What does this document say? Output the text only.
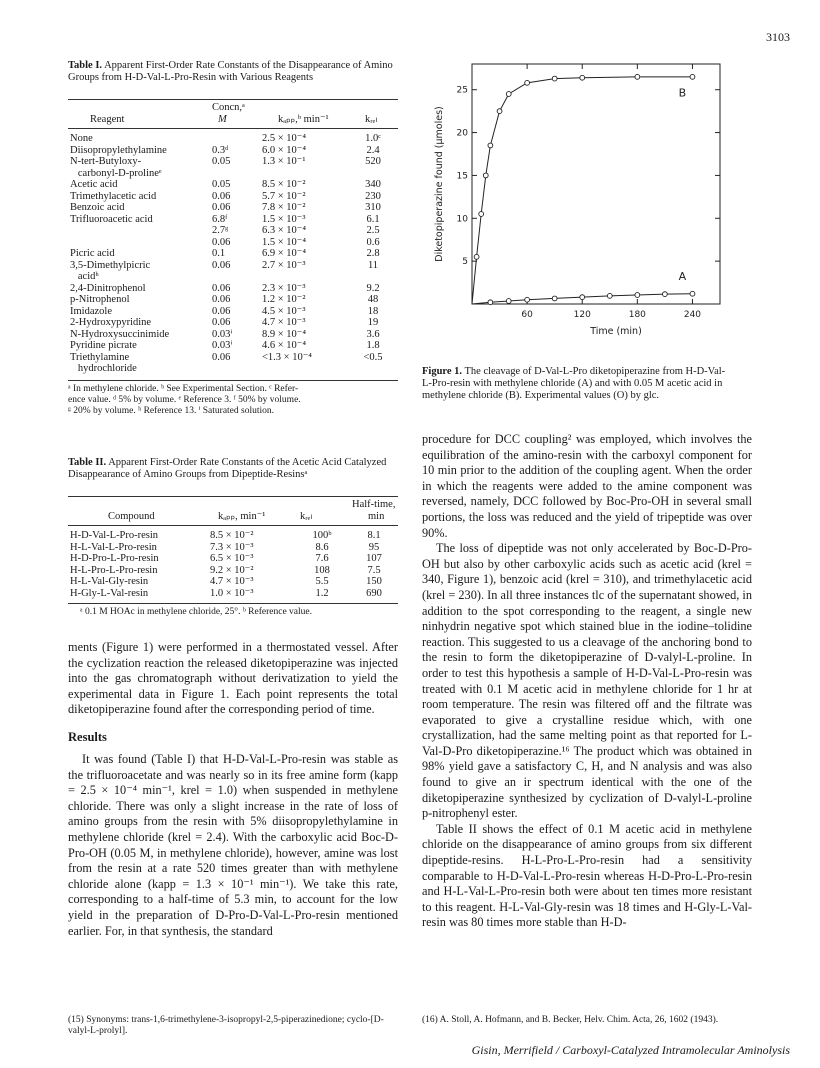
3103
Table I. Apparent First-Order Rate Constants of the Disappearance of Amino Groups from H-D-Val-L-Pro-Resin with Various Reagents
Concn,ᵃ
Reagent	M	kₐₚₚ,ᵇ min⁻¹	kᵣₑₗ
None		2.5 × 10⁻⁴	1.0ᶜ
Diisopropylethylamine	0.3ᵈ	6.0 × 10⁻⁴	2.4
N-tert-Butyloxy-	0.05	1.3 × 10⁻¹	520
carbonyl-D-prolineᵉ			
Acetic acid	0.05	8.5 × 10⁻²	340
Trimethylacetic acid	0.06	5.7 × 10⁻²	230
Benzoic acid	0.06	7.8 × 10⁻²	310
Trifluoroacetic acid	6.8ᶠ	1.5 × 10⁻³	6.1
	2.7ᵍ	6.3 × 10⁻⁴	2.5
	0.06	1.5 × 10⁻⁴	0.6
Picric acid	0.1	6.9 × 10⁻⁴	2.8
3,5-Dimethylpicric	0.06	2.7 × 10⁻³	11
acidʰ			
2,4-Dinitrophenol	0.06	2.3 × 10⁻³	9.2
p-Nitrophenol	0.06	1.2 × 10⁻²	48
Imidazole	0.06	4.5 × 10⁻³	18
2-Hydroxypyridine	0.06	4.7 × 10⁻³	19
N-Hydroxysuccinimide	0.03ⁱ	8.9 × 10⁻⁴	3.6
Pyridine picrate	0.03ⁱ	4.6 × 10⁻⁴	1.8
Triethylamine	0.06	<1.3 × 10⁻⁴	<0.5
hydrochloride			
ᵃ In methylene chloride. ᵇ See Experimental Section. ᶜ Refer-
ence value. ᵈ 5% by volume. ᵉ Reference 3. ᶠ 50% by volume.
ᵍ 20% by volume. ʰ Reference 13. ⁱ Saturated solution.
Table II. Apparent First-Order Rate Constants of the Acetic Acid Catalyzed Disappearance of Amino Groups from Dipeptide-Resinsᵃ
Half-time,
Compound	kₐₚₚ, min⁻¹	kᵣₑₗ	min
H-D-Val-L-Pro-resin	8.5 × 10⁻²	100ᵇ	8.1
H-L-Val-L-Pro-resin	7.3 × 10⁻³	8.6	95
H-D-Pro-L-Pro-resin	6.5 × 10⁻³	7.6	107
H-L-Pro-L-Pro-resin	9.2 × 10⁻²	108	7.5
H-L-Val-Gly-resin	4.7 × 10⁻³	5.5	150
H-Gly-L-Val-resin	1.0 × 10⁻³	1.2	690
ᵃ 0.1 M HOAc in methylene chloride, 25°. ᵇ Reference value.

ments (Figure 1) were performed in a thermostated vessel. After the cyclization reaction the released diketopiperazine was injected into the gas chromatograph without derivatization to yield the experimental data in Figure 1. Each point represents the total diketopiperazine found after the corresponding period of time.

Results

It was found (Table I) that H-D-Val-L-Pro-resin was stable as the trifluoroacetate and was nearly so in its free amine form (kapp = 2.5 × 10⁻⁴ min⁻¹, krel = 1.0) when suspended in methylene chloride. There was only a slight increase in the rate of loss of amino groups from the resin with 5% diisopropylethylamine in methylene chloride (krel = 2.4). With the carboxylic acid Boc-D-Pro-OH (0.05 M, in methylene chloride), however, amine was lost from the resin at a rate 520 times greater than with methylene chloride alone (kapp = 1.3 × 10⁻¹ min⁻¹). We take this rate, corresponding to a half-time of 5.3 min, to account for the low yield in the preparation of D-Pro-D-Val-L-Pro-resin mentioned earlier. For, in that synthesis, the standard

(15) Synonyms: trans-1,6-trimethylene-3-isopropyl-2,5-piperazinedione; cyclo-[D-valyl-L-prolyl].
60	120	180	240
5
10
15
20
25
Time (min)
Diketopiperazine found (µmoles)
A
B
Figure 1. The cleavage of D-Val-L-Pro diketopiperazine from H-D-Val-L-Pro-resin with methylene chloride (A) and with 0.05 M acetic acid in methylene chloride (B). Experimental values (O) by glc.

procedure for DCC coupling² was employed, which involves the equilibration of the amino-resin with the carboxyl component for 10 min prior to the addition of the coupling agent. When the order in which the reagents were added to the amine component was reversed, namely, DCC followed by Boc-Pro-OH in several small portions, the loss was reduced and the yield of tripeptide was over 90%.

The loss of dipeptide was not only accelerated by Boc-D-Pro-OH but also by other carboxylic acids such as acetic acid (krel = 340, Figure 1), benzoic acid (krel = 310), and trimethylacetic acid (krel = 230). In all three instances tlc of the supernatant showed, in addition to the spot corresponding to the reagent, a single new ninhydrin negative spot which stained blue in the iodine–tolidine reaction. This suggested to us a cleavage of the anchoring bond to the resin to form the diketopiperazine of D-valyl-L-proline. In order to test this hypothesis a sample of H-D-Val-L-Pro-resin was treated with 0.1 M acetic acid in methylene chloride for 1 hr at room temperature. The resin was filtered off and the filtrate was evaporated to give a crystalline residue which, with one crystallization, had the same melting point as that reported for L-Val-D-Pro diketopiperazine.¹⁶ The product which was obtained in 98% yield gave a satisfactory C, H, and N analysis and was also found to give an ir spectrum identical with the one of the diketopiperazine synthesized by cyclization of D-valyl-L-proline p-nitrophenyl ester.

Table II shows the effect of 0.1 M acetic acid in methylene chloride on the disappearance of amino groups from six different dipeptide-resins. H-L-Pro-L-Pro-resin had a sensitivity comparable to H-D-Val-L-Pro-resin whereas H-D-Pro-L-Pro-resin and H-L-Val-L-Pro-resin both were about ten times more resistant to this reagent. H-L-Val-Gly-resin was 18 times and H-Gly-L-Val-resin was 80 times more stable than H-D-

(16) A. Stoll, A. Hofmann, and B. Becker, Helv. Chim. Acta, 26, 1602 (1943).
Gisin, Merrifield / Carboxyl-Catalyzed Intramolecular Aminolysis
